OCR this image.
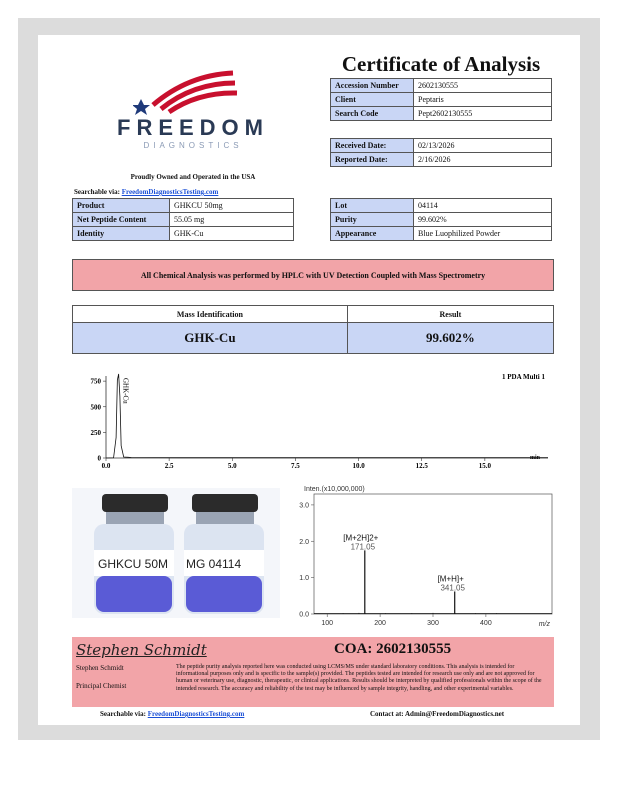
FREEDOM
DIAGNOSTICS
Proudly Owned and Operated in the USA
Searchable via: FreedomDiagnosticsTesting.com
Certificate of Analysis
Accession Number	2602130555
Client	Peptaris
Search Code	Pept2602130555
Received Date:	02/13/2026
Reported Date:	2/16/2026
Product	GHKCU 50mg
Net Peptide Content	55.05 mg
Identity	GHK-Cu
Lot	04114
Purity	99.602%
Appearance	Blue Luophilized Powder
All Chemical Analysis was performed by HPLC with UV Detection Coupled with Mass Spectrometry
Mass Identification	Result
GHK-Cu	99.602%
0
250
500
750
0.0	2.5	5.0	7.5	10.0	12.5	15.0
min
1 PDA Multi 1
GHK-Cu
GHKCU 50M MG 04114
Inten.(x10,000,000)
0.0
1.0
2.0
3.0
100	200	300	400	m/z
[M+2H]2+
171.05
[M+H]+
341.05
Stephen Schmidt	COA: 2602130555
Stephen Schmidt
Principal Chemist
The peptide purity analysis reported here was conducted using LCMS/MS under standard laboratory conditions. This analysis is intended for informational purposes only and is specific to the sample(s) provided. The peptides tested are intended for research use only and are not approved for human or veterinary use, diagnostic, therapeutic, or clinical applications. Results should be interpreted by qualified professionals within the scope of the intended research. The accuracy and reliability of the test may be influenced by sample integrity, handling, and other experimental variables.
Searchable via: FreedomDiagnosticsTesting.com	Contact at: Admin@FreedomDiagnostics.net
